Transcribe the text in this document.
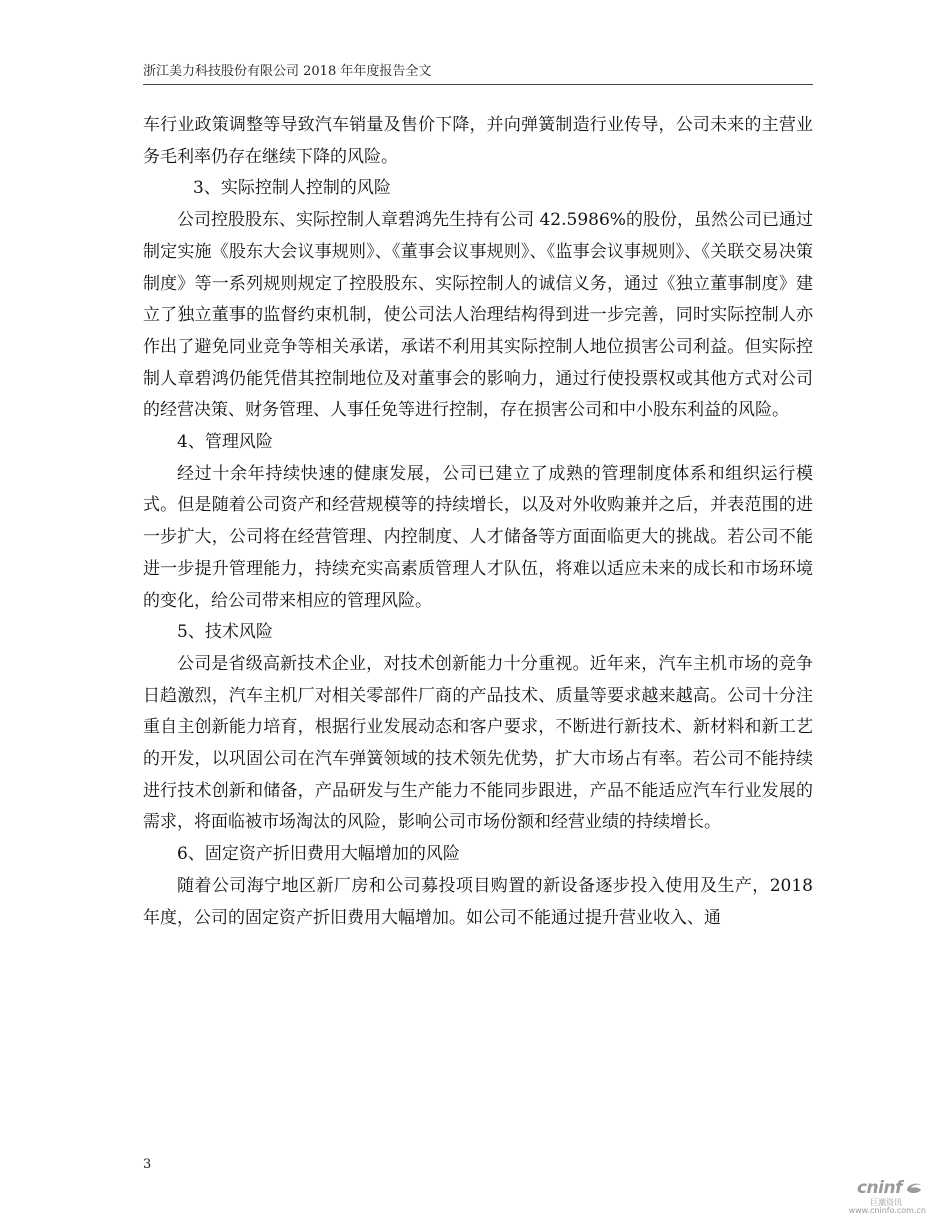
浙江美力科技股份有限公司 2018 年年度报告全文

车行业政策调整等导致汽车销量及售价下降，并向弹簧制造行业传导，公司未来的主营业务毛利率仍存在继续下降的风险。

3、实际控制人控制的风险

公司控股股东、实际控制人章碧鸿先生持有公司 42.5986%的股份，虽然公司已通过制定实施《股东大会议事规则》、《董事会议事规则》、《监事会议事规则》、《关联交易决策制度》等一系列规则规定了控股股东、实际控制人的诚信义务，通过《独立董事制度》建立了独立董事的监督约束机制，使公司法人治理结构得到进一步完善，同时实际控制人亦作出了避免同业竞争等相关承诺，承诺不利用其实际控制人地位损害公司利益。但实际控制人章碧鸿仍能凭借其控制地位及对董事会的影响力，通过行使投票权或其他方式对公司的经营决策、财务管理、人事任免等进行控制，存在损害公司和中小股东利益的风险。

4、管理风险

经过十余年持续快速的健康发展，公司已建立了成熟的管理制度体系和组织运行模式。但是随着公司资产和经营规模等的持续增长，以及对外收购兼并之后，并表范围的进一步扩大，公司将在经营管理、内控制度、人才储备等方面面临更大的挑战。若公司不能进一步提升管理能力，持续充实高素质管理人才队伍，将难以适应未来的成长和市场环境的变化，给公司带来相应的管理风险。

5、技术风险

公司是省级高新技术企业，对技术创新能力十分重视。近年来，汽车主机市场的竞争日趋激烈，汽车主机厂对相关零部件厂商的产品技术、质量等要求越来越高。公司十分注重自主创新能力培育，根据行业发展动态和客户要求，不断进行新技术、新材料和新工艺的开发，以巩固公司在汽车弹簧领域的技术领先优势，扩大市场占有率。若公司不能持续进行技术创新和储备，产品研发与生产能力不能同步跟进，产品不能适应汽车行业发展的需求，将面临被市场淘汰的风险，影响公司市场份额和经营业绩的持续增长。

6、固定资产折旧费用大幅增加的风险

随着公司海宁地区新厂房和公司募投项目购置的新设备逐步投入使用及生产，2018 年度，公司的固定资产折旧费用大幅增加。如公司不能通过提升营业收入、通

3
cninf
巨潮资讯
www.cninfo.com.cn
